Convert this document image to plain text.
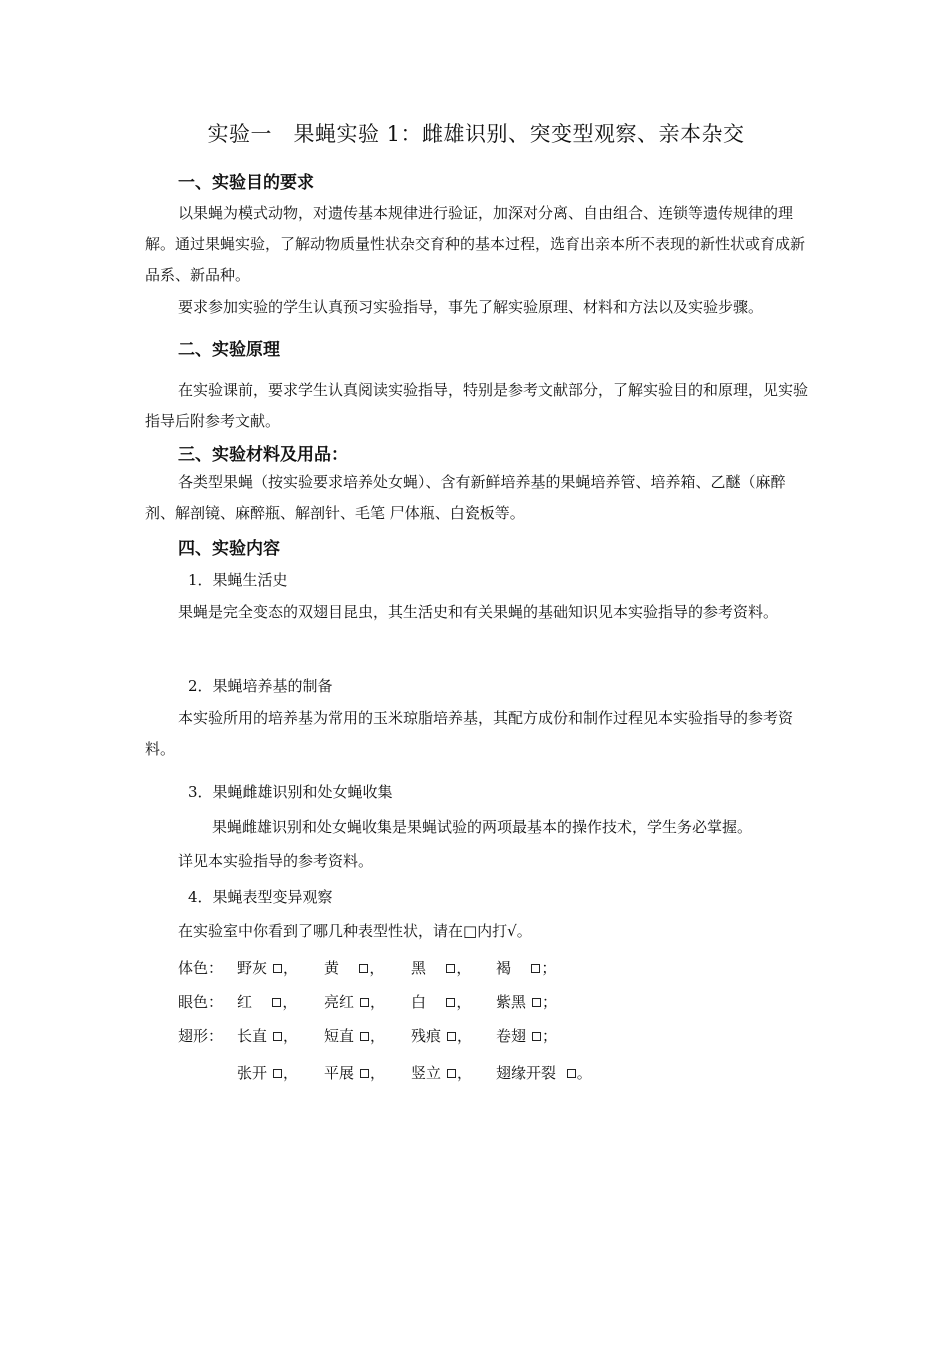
实验一　果蝇实验 1：雌雄识别、突变型观察、亲本杂交
一、实验目的要求
以果蝇为模式动物，对遗传基本规律进行验证，加深对分离、自由组合、连锁等遗传规律的理解。通过果蝇实验，了解动物质量性状杂交育种的基本过程，选育出亲本所不表现的新性状或育成新品系、新品种。
要求参加实验的学生认真预习实验指导，事先了解实验原理、材料和方法以及实验步骤。
二、实验原理
在实验课前，要求学生认真阅读实验指导，特别是参考文献部分，了解实验目的和原理，见实验指导后附参考文献。
三、实验材料及用品：
各类型果蝇（按实验要求培养处女蝇）、含有新鲜培养基的果蝇培养管、培养箱、乙醚（麻醉剂、解剖镜、麻醉瓶、解剖针、毛笔 尸体瓶、白瓷板等。
四、实验内容
1．果蝇生活史
果蝇是完全变态的双翅目昆虫，其生活史和有关果蝇的基础知识见本实验指导的参考资料。
2．果蝇培养基的制备
本实验所用的培养基为常用的玉米琼脂培养基，其配方成份和制作过程见本实验指导的参考资料。
3．果蝇雌雄识别和处女蝇收集
果蝇雌雄识别和处女蝇收集是果蝇试验的两项最基本的操作技术，学生务必掌握。
详见本实验指导的参考资料。
4．果蝇表型变异观察
在实验室中你看到了哪几种表型性状，请在□内打√。
体色： 野灰 ， 黄 ， 黑 ， 褐 ；
眼色： 红 ， 亮红 ， 白 ， 紫黑 ；
翅形： 长直 ， 短直 ， 残痕 ， 卷翅 ；
张开 ， 平展 ， 竖立 ， 翅缘开裂 。
